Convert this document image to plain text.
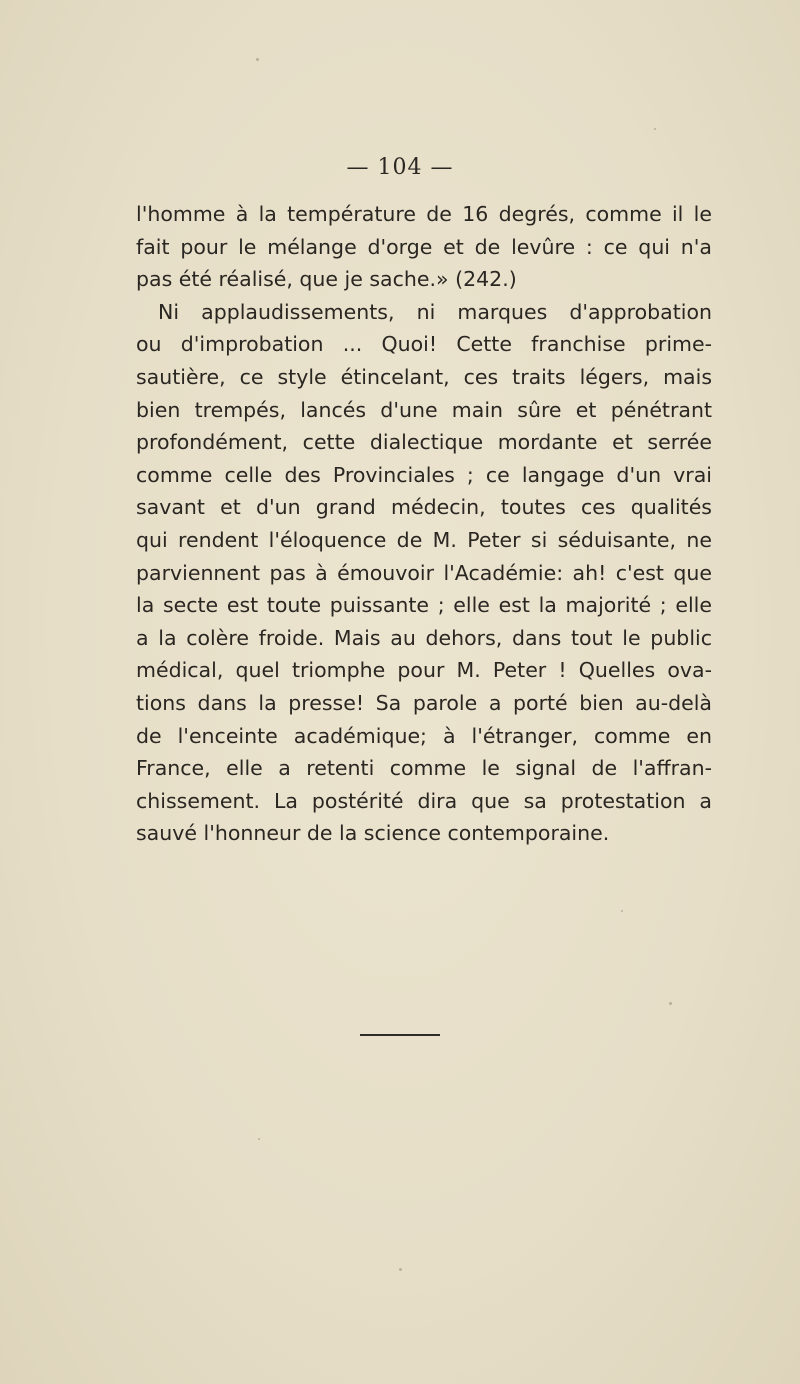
— 104 —
l'homme à la température de 16 degrés, comme il le
fait pour le mélange d'orge et de levûre : ce qui n'a
pas été réalisé, que je sache.» (242.)
Ni applaudissements, ni marques d'approbation
ou d'improbation ... Quoi! Cette franchise prime-
sautière, ce style étincelant, ces traits légers, mais
bien trempés, lancés d'une main sûre et pénétrant
profondément, cette dialectique mordante et serrée
comme celle des Provinciales ; ce langage d'un vrai
savant et d'un grand médecin, toutes ces qualités
qui rendent l'éloquence de M. Peter si séduisante, ne
parviennent pas à émouvoir l'Académie: ah! c'est que
la secte est toute puissante ; elle est la majorité ; elle
a la colère froide. Mais au dehors, dans tout le public
médical, quel triomphe pour M. Peter ! Quelles ova-
tions dans la presse! Sa parole a porté bien au-delà
de l'enceinte académique; à l'étranger, comme en
France, elle a retenti comme le signal de l'affran-
chissement. La postérité dira que sa protestation a
sauvé l'honneur de la science contemporaine.
